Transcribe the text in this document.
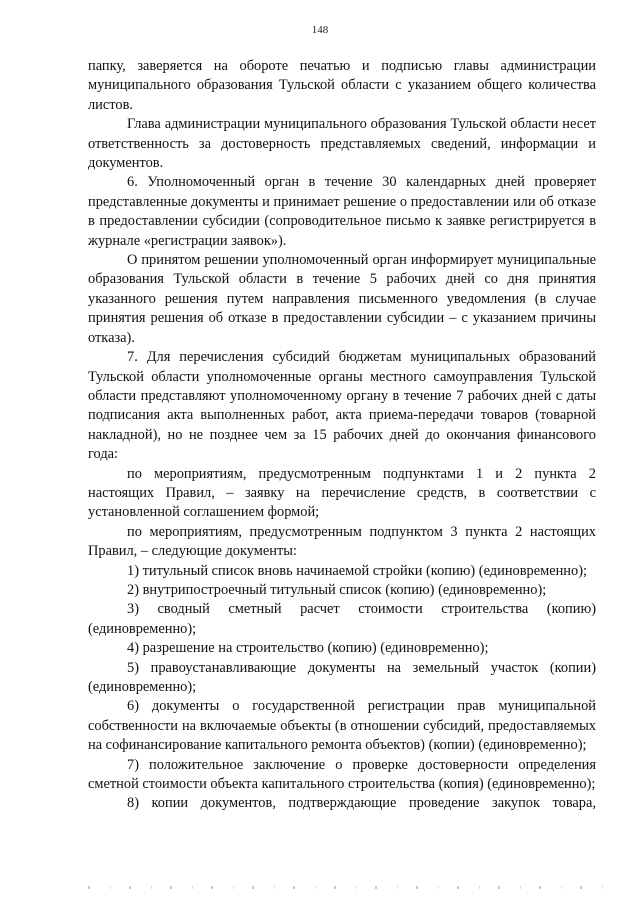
148

папку, заверяется на обороте печатью и подписью главы администрации муниципального образования Тульской области с указанием общего количества листов.

Глава администрации муниципального образования Тульской области несет ответственность за достоверность представляемых сведений, информации и документов.

6. Уполномоченный орган в течение 30 календарных дней проверяет представленные документы и принимает решение о предоставлении или об отказе в предоставлении субсидии (сопроводительное письмо к заявке регистрируется в журнале «регистрации заявок»).

О принятом решении уполномоченный орган информирует муниципальные образования Тульской области в течение 5 рабочих дней со дня принятия указанного решения путем направления письменного уведомления (в случае принятия решения об отказе в предоставлении субсидии – с указанием причины отказа).

7. Для перечисления субсидий бюджетам муниципальных образований Тульской области уполномоченные органы местного самоуправления Тульской области представляют уполномоченному органу в течение 7 рабочих дней с даты подписания акта выполненных работ, акта приема-передачи товаров (товарной накладной), но не позднее чем за 15 рабочих дней до окончания финансового года:

по мероприятиям, предусмотренным подпунктами 1 и 2 пункта 2 настоящих Правил, – заявку на перечисление средств, в соответствии с установленной соглашением формой;

по мероприятиям, предусмотренным подпунктом 3 пункта 2 настоящих Правил, – следующие документы:

1) титульный список вновь начинаемой стройки (копию) (единовременно);

2) внутрипостроечный титульный список (копию) (единовременно);

3) сводный сметный расчет стоимости строительства (копию) (единовременно);

4) разрешение на строительство (копию) (единовременно);

5) правоустанавливающие документы на земельный участок (копии) (единовременно);

6) документы о государственной регистрации прав муниципальной собственности на включаемые объекты (в отношении субсидий, предоставляемых на софинансирование капитального ремонта объектов) (копии) (единовременно);

7) положительное заключение о проверке достоверности определения сметной стоимости объекта капитального строительства (копия) (единовременно);

8) копии документов, подтверждающие проведение закупок товара,
